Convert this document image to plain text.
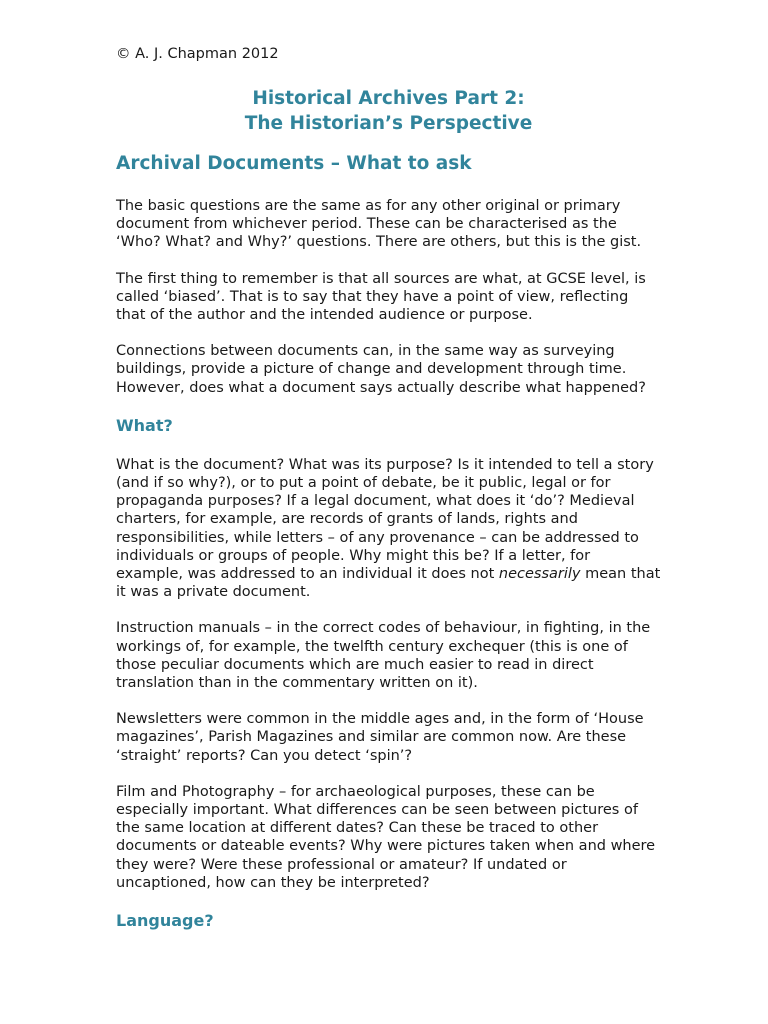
© A. J. Chapman 2012
Historical Archives Part 2:
The Historian’s Perspective
Archival Documents – What to ask

The basic questions are the same as for any other original or primary document from whichever period. These can be characterised as the ‘Who? What? and Why?’ questions. There are others, but this is the gist.

The first thing to remember is that all sources are what, at GCSE level, is called ‘biased’. That is to say that they have a point of view, reflecting that of the author and the intended audience or purpose.

Connections between documents can, in the same way as surveying buildings, provide a picture of change and development through time. However, does what a document says actually describe what happened?

What?

What is the document? What was its purpose? Is it intended to tell a story (and if so why?), or to put a point of debate, be it public, legal or for propaganda purposes? If a legal document, what does it ‘do’? Medieval charters, for example, are records of grants of lands, rights and responsibilities, while letters – of any provenance – can be addressed to individuals or groups of people. Why might this be? If a letter, for example, was addressed to an individual it does not necessarily mean that it was a private document.

Instruction manuals – in the correct codes of behaviour, in fighting, in the workings of, for example, the twelfth century exchequer (this is one of those peculiar documents which are much easier to read in direct translation than in the commentary written on it).

Newsletters were common in the middle ages and, in the form of ‘House magazines’, Parish Magazines and similar are common now. Are these ‘straight’ reports? Can you detect ‘spin’?

Film and Photography – for archaeological purposes, these can be especially important. What differences can be seen between pictures of the same location at different dates? Can these be traced to other documents or dateable events? Why were pictures taken when and where they were? Were these professional or amateur? If undated or uncaptioned, how can they be interpreted?

Language?
